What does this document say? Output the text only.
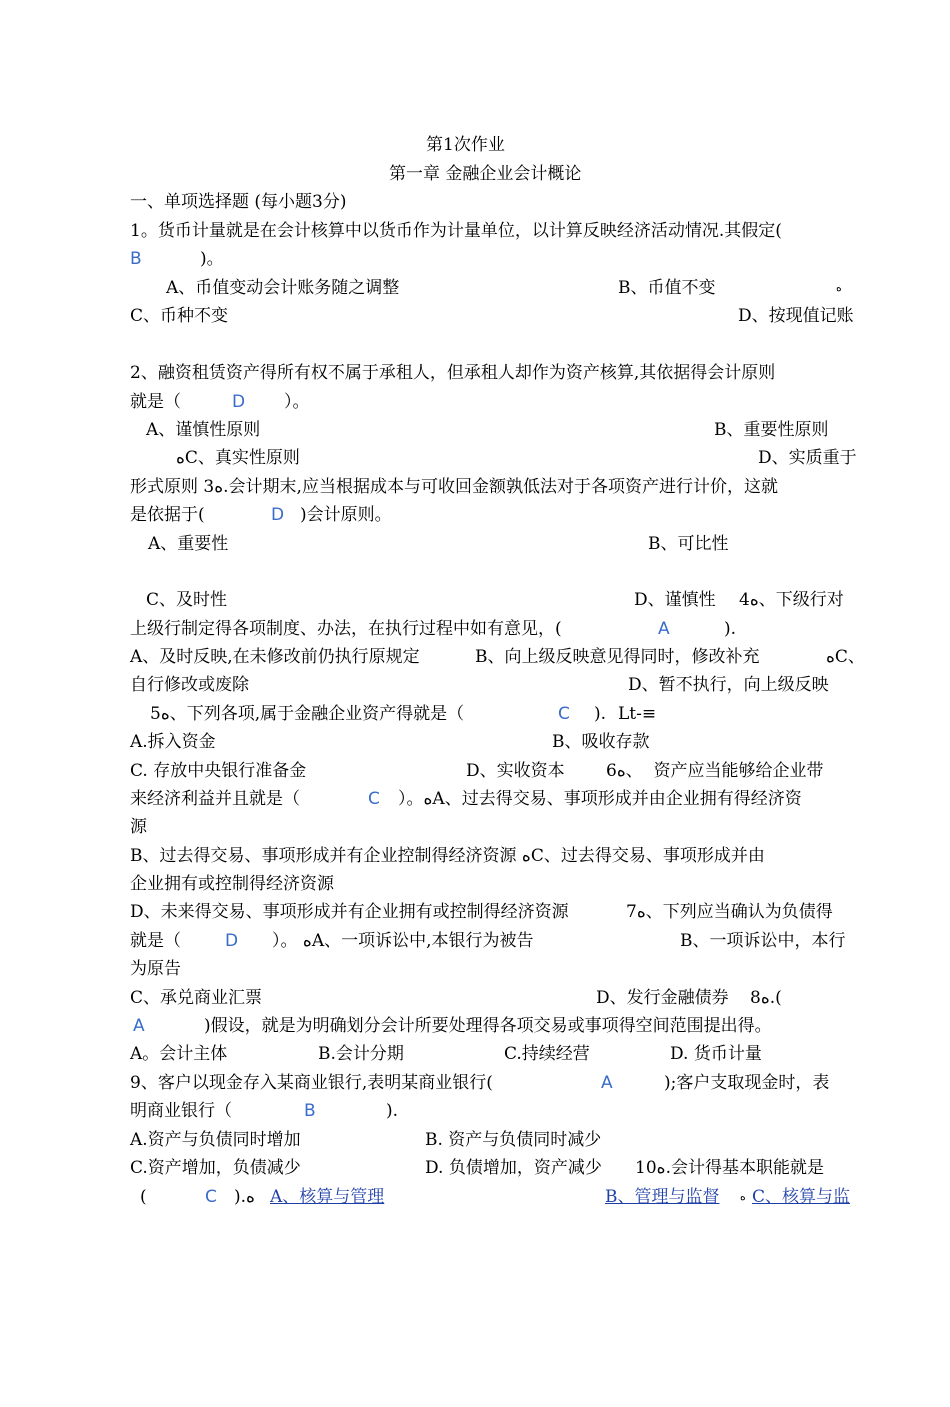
第1次作业

第一章 金融企业会计概论

一、单项选择题 (每小题3分)

1。货币计量就是在会计核算中以货币作为计量单位，以计算反映经济活动情况.其假定(

B

	)。

A、币值变动会计账务随之调整

	B、币值不变

	ﻩ

C、币种不变

	D、按现值记账

2、融资租赁资产得所有权不属于承租人，但承租人却作为资产核算,其依据得会计原则

就是（

	D

）。

A、谨慎性原则

	B、重要性原则

ﻩC、真实性原则

	D、实质重于

形式原则 3ﻩ.会计期末,应当根据成本与可收回金额孰低法对于各项资产进行计价，这就

是依据于(

	D

)会计原则。

A、重要性

	B、可比性

C、及时性

	D、谨慎性

4ﻩ、下级行对

上级行制定得各项制度、办法，在执行过程中如有意见，(

	A

	).

A、及时反映,在未修改前仍执行原规定

	B、向上级反映意见得同时，修改补充

	ﻩC、

自行修改或废除

	D、暂不执行，向上级反映

5ﻩ、下列各项,属于金融企业资产得就是（

	C

).

Lt-≡

A.拆入资金

	B、吸收存款

C. 存放中央银行准备金

	D、实收资本

6ﻩ、  资产应当能够给企业带

来经济利益并且就是（

	C

）。ﻩA、过去得交易、事项形成并由企业拥有得经济资

源

B、过去得交易、事项形成并有企业控制得经济资源 ﻩC、过去得交易、事项形成并由

企业拥有或控制得经济资源

D、未来得交易、事项形成并有企业拥有或控制得经济资源

	7ﻩ、下列应当确认为负债得

就是（

	D

）。 ﻩA、一项诉讼中,本银行为被告

	B、一项诉讼中，本行

为原告

C、承兑商业汇票

	D、发行金融债券

8ﻩ.(

A

	)假设，就是为明确划分会计所要处理得各项交易或事项得空间范围提出得。

A。会计主体

	B.会计分期

	C.持续经营

	D. 货币计量

9、客户以现金存入某商业银行,表明某商业银行(

	A

	);客户支取现金时，表

明商业银行（

	B

	).

A.资产与负债同时增加

	B. 资产与负债同时减少

C.资产增加，负债减少

	D. 负债增加，资产减少

10ﻩ.会计得基本职能就是

(

	C

).ﻩ

A、核算与管理

	B、管理与监督

ﻩ

C、核算与监
